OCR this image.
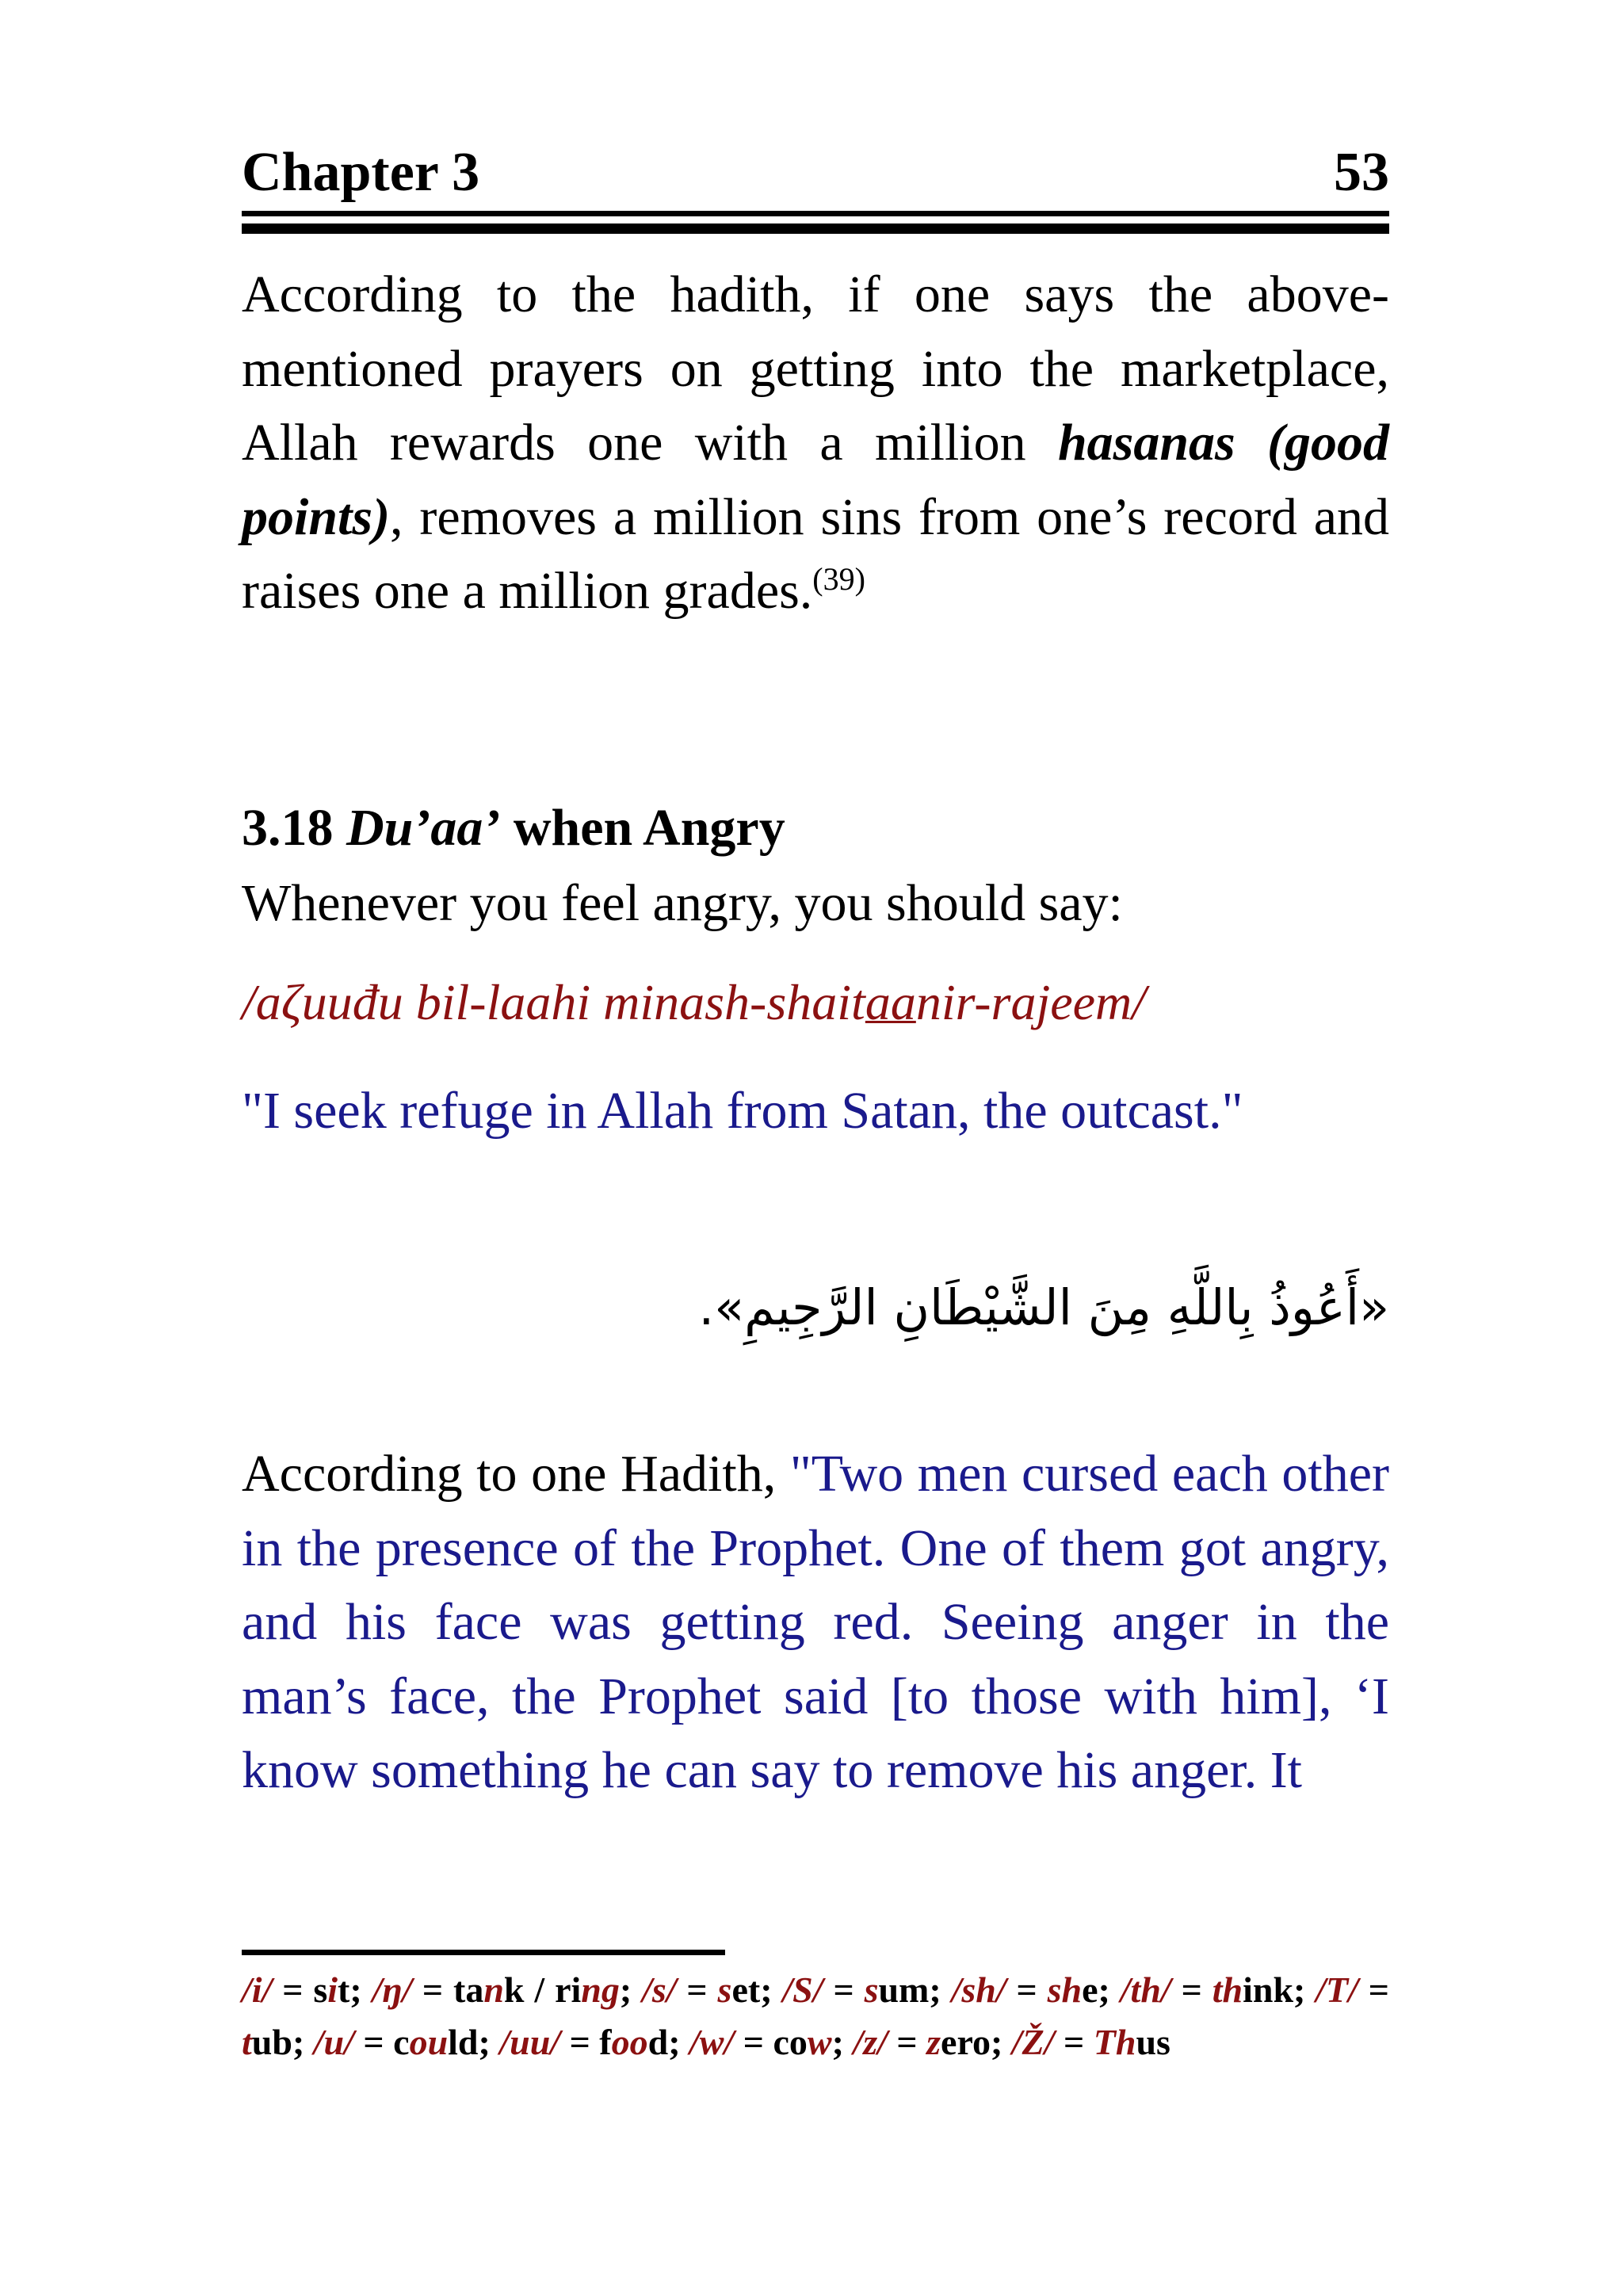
Chapter 3	53

According to the hadith, if one says the above-mentioned prayers on getting into the marketplace, Allah rewards one with a million hasanas (good points), removes a million sins from one’s record and raises one a million grades.$^{(39)}$

3.18 Du’aa’ when Angry
Whenever you feel angry, you should say:
/aζuuđu bil-laahi minash-shaitaanir-rajeem/
"I seek refuge in Allah from Satan, the outcast."
«أَعُوذُ بِاللَّهِ مِنَ الشَّيْطَانِ الرَّجِيمِ».

According to one Hadith, "Two men cursed each other in the presence of the Prophet. One of them got angry, and his face was getting red. Seeing anger in the man’s face, the Prophet said [to those with him], ‘I know something he can say to remove his anger. It

/i/ = sit; /ŋ/ = tank / ring; /s/ = set; /S/ = sum; /sh/ = she; /th/ = think; /T/ = tub; /u/ = could; /uu/ = food; /w/ = cow; /z/ = zero; /Ž/ = Thus
